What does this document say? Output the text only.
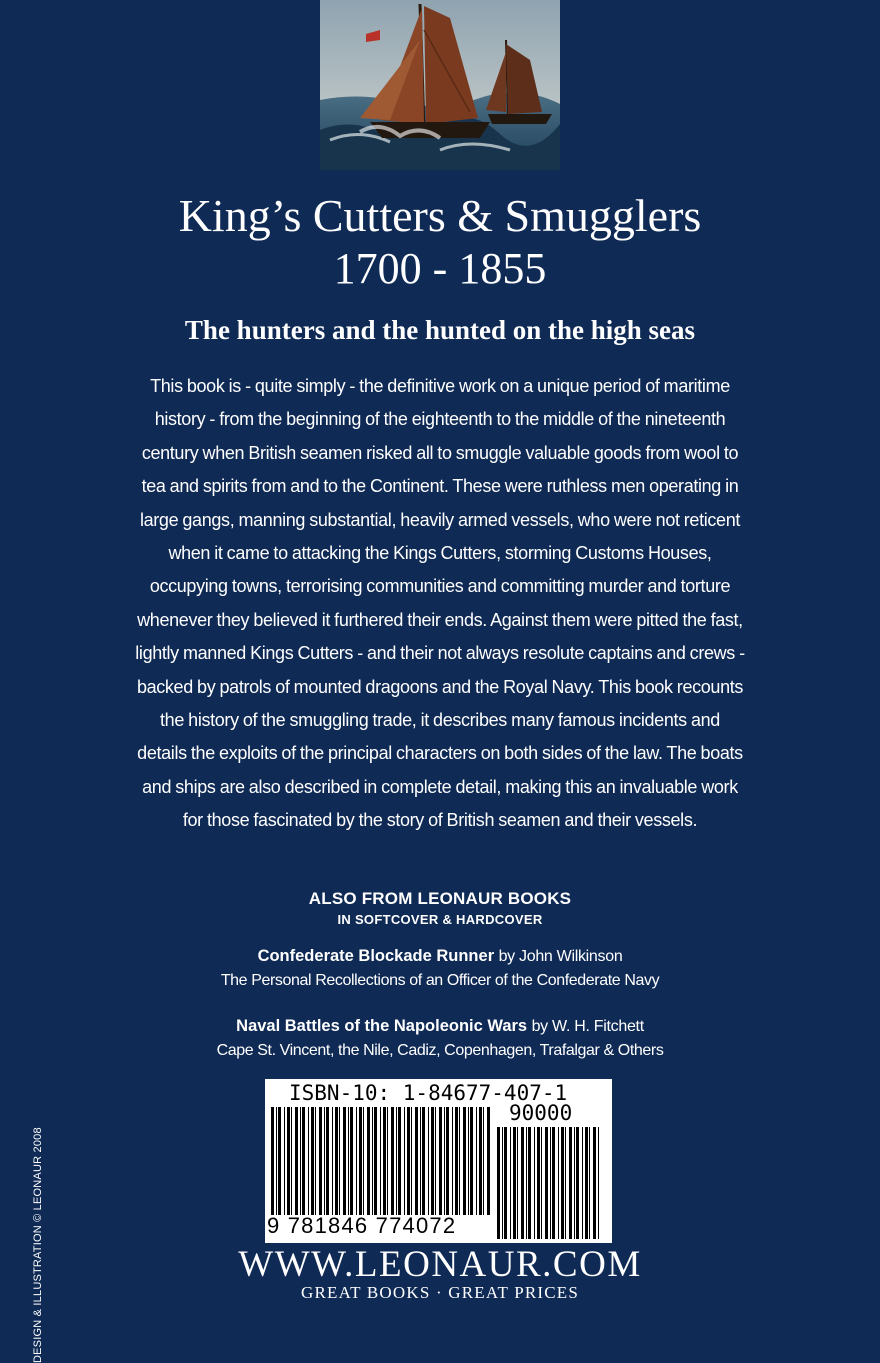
King’s Cutters & Smugglers
1700 - 1855
The hunters and the hunted on the high seas

This book is - quite simply - the definitive work on a unique period of maritime history - from the beginning of the eighteenth to the middle of the nineteenth century when British seamen risked all to smuggle valuable goods from wool to tea and spirits from and to the Continent. These were ruthless men operating in large gangs, manning substantial, heavily armed vessels, who were not reticent when it came to attacking the Kings Cutters, storming Customs Houses, occupying towns, terrorising communities and committing murder and torture whenever they believed it furthered their ends. Against them were pitted the fast, lightly manned Kings Cutters - and their not always resolute captains and crews - backed by patrols of mounted dragoons and the Royal Navy. This book recounts the history of the smuggling trade, it describes many famous incidents and details the exploits of the principal characters on both sides of the law. The boats and ships are also described in complete detail, making this an invaluable work for those fascinated by the story of British seamen and their vessels.

ALSO FROM LEONAUR BOOKS
IN SOFTCOVER & HARDCOVER
Confederate Blockade Runner by John Wilkinson
The Personal Recollections of an Officer of the Confederate Navy
Naval Battles of the Napoleonic Wars by W. H. Fitchett
Cape St. Vincent, the Nile, Cadiz, Copenhagen, Trafalgar & Others
ISBN-10: 1-84677-407-1
90000
9 781846 774072
WWW.LEONAUR.COM
GREAT BOOKS · GREAT PRICES
DESIGN & ILLUSTRATION © LEONAUR 2008
